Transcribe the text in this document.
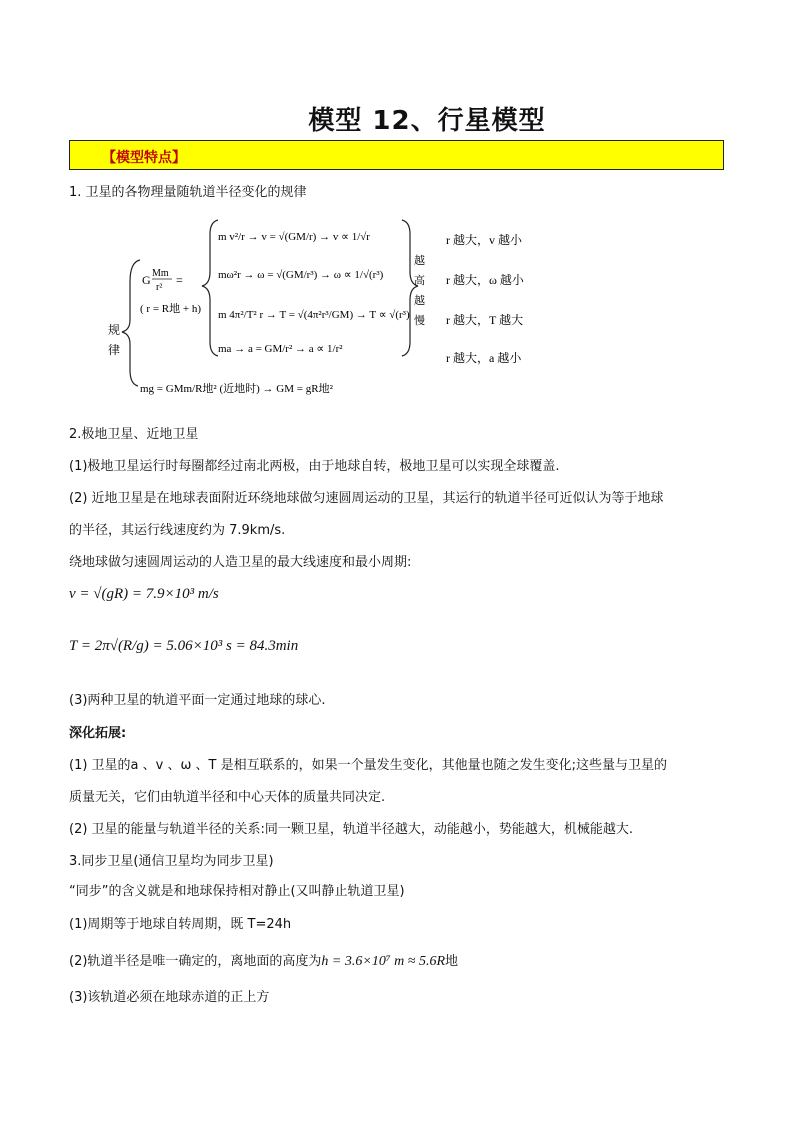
模型 12、行星模型
【模型特点】
1. 卫星的各物理量随轨道半径变化的规律
规
律
G Mm
r²
=
( r = R地 + h)
m v²/r → v = √(GM/r) → v ∝ 1/√r
mω²r → ω = √(GM/r³) → ω ∝ 1/√(r³)
m 4π²/T² r → T = √(4π²r³/GM) → T ∝ √(r³)
ma → a = GM/r² → a ∝ 1/r²
mg = GMm/R地² (近地时) → GM = gR地²
越
高
越
慢
r 越大，v 越小
r 越大，ω 越小
r 越大，T 越大
r 越大，a 越小
2.极地卫星、近地卫星
(1)极地卫星运行时每圈都经过南北两极，由于地球自转，极地卫星可以实现全球覆盖.
(2) 近地卫星是在地球表面附近环绕地球做匀速圆周运动的卫星，其运行的轨道半径可近似认为等于地球
的半径，其运行线速度约为 7.9km/s.
绕地球做匀速圆周运动的人造卫星的最大线速度和最小周期:
v = √(gR) = 7.9×10³ m/s
T = 2π√(R/g) = 5.06×10³ s = 84.3min
(3)两种卫星的轨道平面一定通过地球的球心.
深化拓展:
(1) 卫星的a 、v 、ω 、T 是相互联系的，如果一个量发生变化，其他量也随之发生变化;这些量与卫星的
质量无关，它们由轨道半径和中心天体的质量共同决定.
(2) 卫星的能量与轨道半径的关系:同一颗卫星，轨道半径越大，动能越小，势能越大，机械能越大.
3.同步卫星(通信卫星均为同步卫星)
“同步”的含义就是和地球保持相对静止(又叫静止轨道卫星)
(1)周期等于地球自转周期，既 T=24h
(2)轨道半径是唯一确定的，离地面的高度为h = 3.6×10⁷ m ≈ 5.6R地
(3)该轨道必须在地球赤道的正上方
